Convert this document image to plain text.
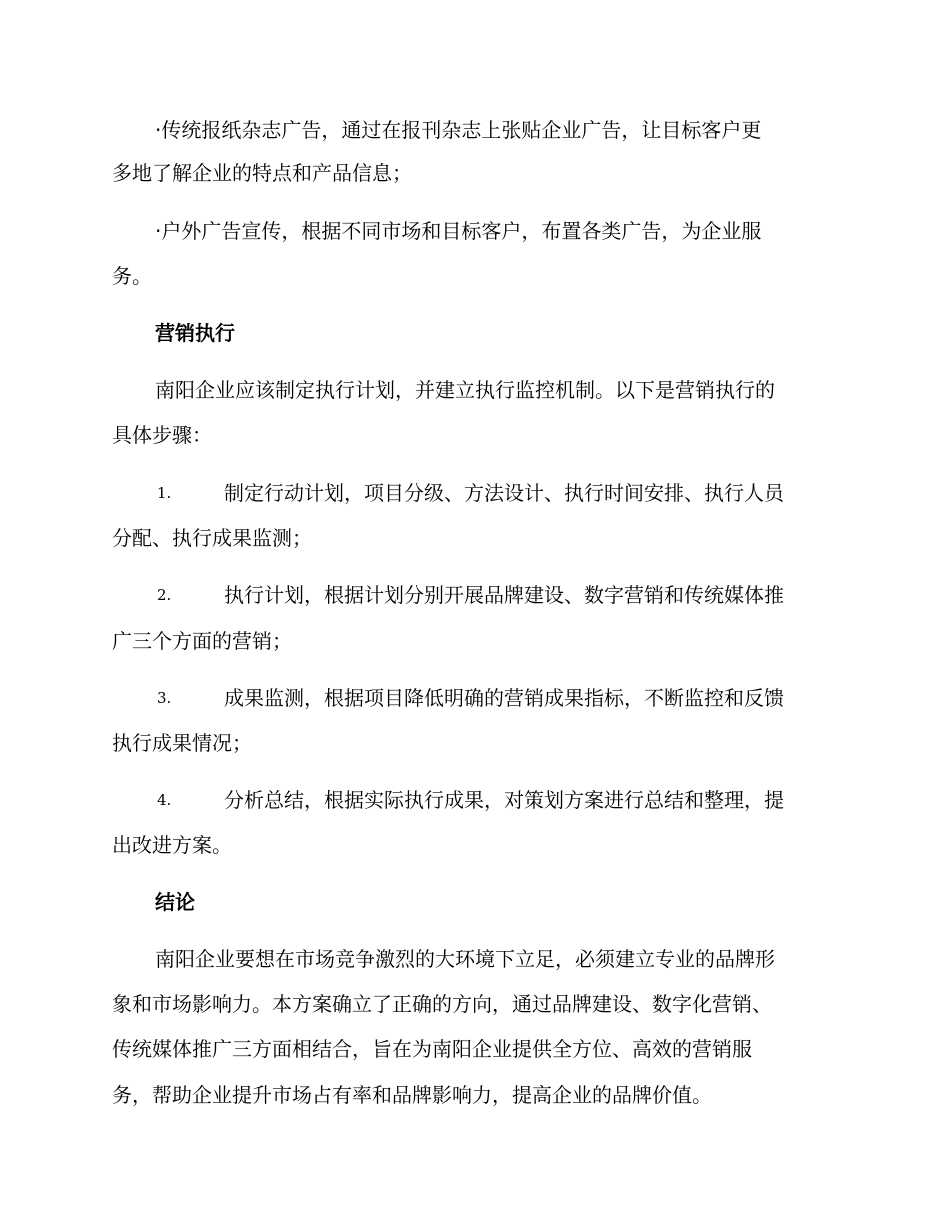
·传统报纸杂志广告，通过在报刊杂志上张贴企业广告，让目标客户更
多地了解企业的特点和产品信息；
·户外广告宣传，根据不同市场和目标客户，布置各类广告，为企业服
务。
营销执行
南阳企业应该制定执行计划，并建立执行监控机制。以下是营销执行的
具体步骤：
1.	制定行动计划，项目分级、方法设计、执行时间安排、执行人员
分配、执行成果监测；
2.	执行计划，根据计划分别开展品牌建设、数字营销和传统媒体推
广三个方面的营销；
3.	成果监测，根据项目降低明确的营销成果指标，不断监控和反馈
执行成果情况；
4.	分析总结，根据实际执行成果，对策划方案进行总结和整理，提
出改进方案。
结论
南阳企业要想在市场竞争激烈的大环境下立足，必须建立专业的品牌形
象和市场影响力。本方案确立了正确的方向，通过品牌建设、数字化营销、
传统媒体推广三方面相结合，旨在为南阳企业提供全方位、高效的营销服
务，帮助企业提升市场占有率和品牌影响力，提高企业的品牌价值。
